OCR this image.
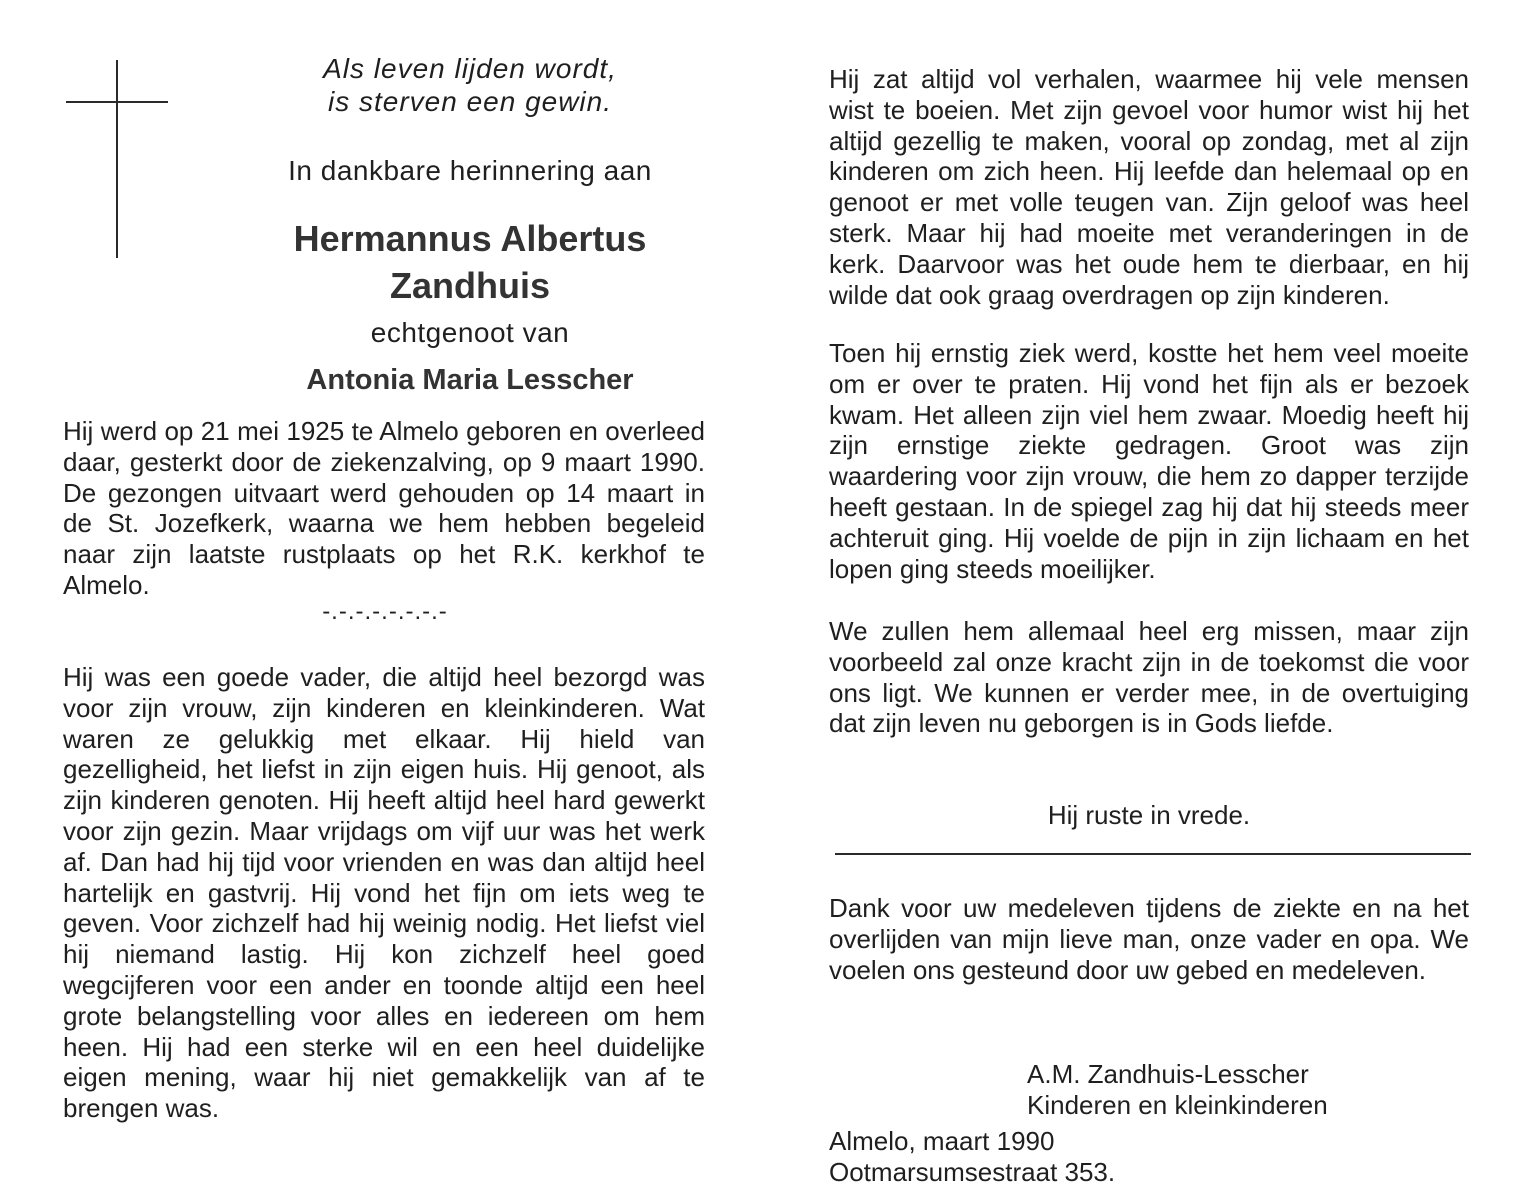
Als leven lijden wordt,
is sterven een gewin.
In dankbare herinnering aan
Hermannus Albertus
Zandhuis
echtgenoot van
Antonia Maria Lesscher

Hij werd op 21 mei 1925 te Almelo geboren en overleed daar, gesterkt door de ziekenzalving, op 9 maart 1990. De gezongen uitvaart werd gehouden op 14 maart in de St. Jozefkerk, waarna we hem hebben begeleid naar zijn laatste rustplaats op het R.K. kerkhof te Almelo.

-.-.-.-.-.-.-.-

Hij was een goede vader, die altijd heel bezorgd was voor zijn vrouw, zijn kinderen en kleinkinderen. Wat waren ze gelukkig met elkaar. Hij hield van gezelligheid, het liefst in zijn eigen huis. Hij genoot, als zijn kinderen genoten. Hij heeft altijd heel hard gewerkt voor zijn gezin. Maar vrijdags om vijf uur was het werk af. Dan had hij tijd voor vrienden en was dan altijd heel hartelijk en gastvrij. Hij vond het fijn om iets weg te geven. Voor zichzelf had hij weinig nodig. Het liefst viel hij niemand lastig. Hij kon zichzelf heel goed wegcijferen voor een ander en toonde altijd een heel grote belangstelling voor alles en iedereen om hem heen. Hij had een sterke wil en een heel duidelijke eigen mening, waar hij niet gemakkelijk van af te brengen was.

Hij zat altijd vol verhalen, waarmee hij vele mensen wist te boeien. Met zijn gevoel voor humor wist hij het altijd gezellig te maken, vooral op zondag, met al zijn kinderen om zich heen. Hij leefde dan helemaal op en genoot er met volle teugen van. Zijn geloof was heel sterk. Maar hij had moeite met veranderingen in de kerk. Daarvoor was het oude hem te dierbaar, en hij wilde dat ook graag overdragen op zijn kinderen.

Toen hij ernstig ziek werd, kostte het hem veel moeite om er over te praten. Hij vond het fijn als er bezoek kwam. Het alleen zijn viel hem zwaar. Moedig heeft hij zijn ernstige ziekte gedragen. Groot was zijn waardering voor zijn vrouw, die hem zo dapper terzijde heeft gestaan. In de spiegel zag hij dat hij steeds meer achteruit ging. Hij voelde de pijn in zijn lichaam en het lopen ging steeds moeilijker.

We zullen hem allemaal heel erg missen, maar zijn voorbeeld zal onze kracht zijn in de toekomst die voor ons ligt. We kunnen er verder mee, in de overtuiging dat zijn leven nu geborgen is in Gods liefde.

Hij ruste in vrede.

Dank voor uw medeleven tijdens de ziekte en na het overlijden van mijn lieve man, onze vader en opa. We voelen ons gesteund door uw gebed en medeleven.

A.M. Zandhuis-Lesscher
Kinderen en kleinkinderen
Almelo, maart 1990
Ootmarsumsestraat 353.
